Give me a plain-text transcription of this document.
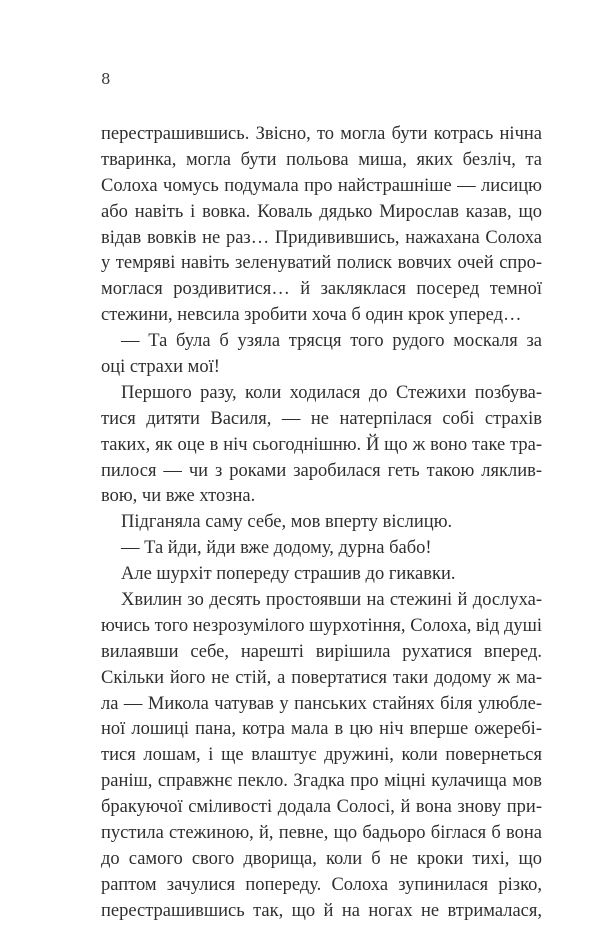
8
перестрашившись. Звісно, то могла бути котрась нічна
тваринка, могла бути польова миша, яких безліч, та
Солоха чомусь подумала про найстрашніше — лисицю
або навіть і вовка. Коваль дядько Мирослав казав, що
відав вовків не раз… Придивившись, нажахана Солоха
у темряві навіть зеленуватий полиск вовчих очей спро-
моглася роздивитися… й закляклася посеред темної
стежини, невсила зробити хоча б один крок уперед…
— Та була б узяла трясця того рудого москаля за
оці страхи мої!
Першого разу, коли ходилася до Стежихи позбува-
тися дитяти Василя, — не натерпілася собі страхів
таких, як оце в ніч сьогоднішню. Й що ж воно таке тра-
пилося — чи з роками заробилася геть такою ляклив-
вою, чи вже хтозна.
Підганяла саму себе, мов вперту віслицю.
— Та йди, йди вже додому, дурна бабо!
Але шурхіт попереду страшив до гикавки.
Хвилин зо десять простоявши на стежині й дослуха-
ючись того незрозумілого шурхотіння, Солоха, від душі
вилаявши себе, нарешті вирішила рухатися вперед.
Скільки його не стій, а повертатися таки додому ж ма-
ла — Микола чатував у панських стайнях біля улюбле-
ної лошиці пана, котра мала в цю ніч вперше ожеребі-
тися лошам, і ще влаштує дружині, коли повернеться
раніш, справжнє пекло. Згадка про міцні кулачища мов
бракуючої сміливості додала Солосі, й вона знову при-
пустила стежиною, й, певне, що бадьоро біглася б вона
до самого свого дворища, коли б не кроки тихі, що
раптом зачулися попереду. Солоха зупинилася різко,
перестрашившись так, що й на ногах не втрималася,
